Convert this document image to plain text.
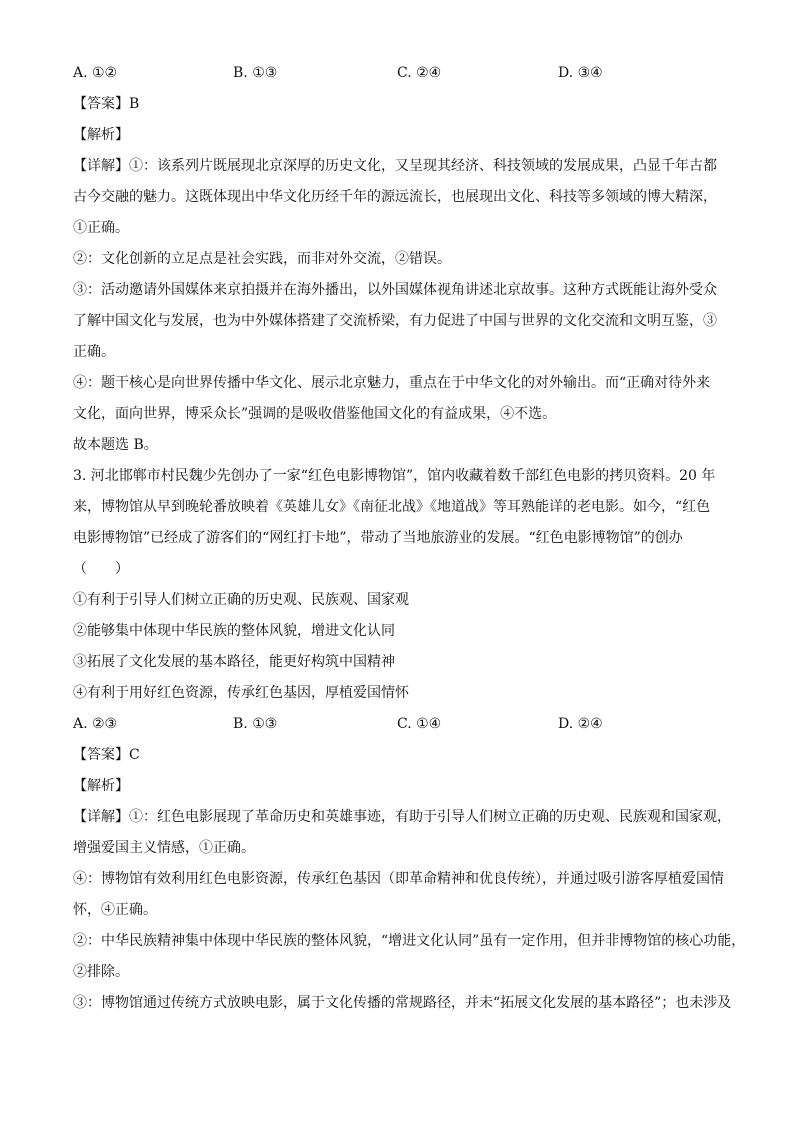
A. ①②	B. ①③	C. ②④	D. ③④
【答案】B
【解析】
【详解】①：该系列片既展现北京深厚的历史文化，又呈现其经济、科技领域的发展成果，凸显千年古都
古今交融的魅力。这既体现出中华文化历经千年的源远流长，也展现出文化、科技等多领域的博大精深，
①正确。
②：文化创新的立足点是社会实践，而非对外交流，②错误。
③：活动邀请外国媒体来京拍摄并在海外播出，以外国媒体视角讲述北京故事。这种方式既能让海外受众
了解中国文化与发展，也为中外媒体搭建了交流桥梁，有力促进了中国与世界的文化交流和文明互鉴，③
正确。
④：题干核心是向世界传播中华文化、展示北京魅力，重点在于中华文化的对外输出。而“正确对待外来
文化，面向世界，博采众长”强调的是吸收借鉴他国文化的有益成果，④不选。
故本题选 B。
3. 河北邯郸市村民魏少先创办了一家“红色电影博物馆”，馆内收藏着数千部红色电影的拷贝资料。20 年
来，博物馆从早到晚轮番放映着《英雄儿女》《南征北战》《地道战》等耳熟能详的老电影。如今，“红色
电影博物馆”已经成了游客们的“网红打卡地”，带动了当地旅游业的发展。“红色电影博物馆”的创办
（　　）
①有利于引导人们树立正确的历史观、民族观、国家观
②能够集中体现中华民族的整体风貌，增进文化认同
③拓展了文化发展的基本路径，能更好构筑中国精神
④有利于用好红色资源，传承红色基因，厚植爱国情怀
A. ②③	B. ①③	C. ①④	D. ②④
【答案】C
【解析】
【详解】①：红色电影展现了革命历史和英雄事迹，有助于引导人们树立正确的历史观、民族观和国家观，
增强爱国主义情感，①正确。
④：博物馆有效利用红色电影资源，传承红色基因（即革命精神和优良传统），并通过吸引游客厚植爱国情
怀，④正确。
②：中华民族精神集中体现中华民族的整体风貌，“增进文化认同”虽有一定作用，但并非博物馆的核心功能，
②排除。
③：博物馆通过传统方式放映电影，属于文化传播的常规路径，并未“拓展文化发展的基本路径”；也未涉及
